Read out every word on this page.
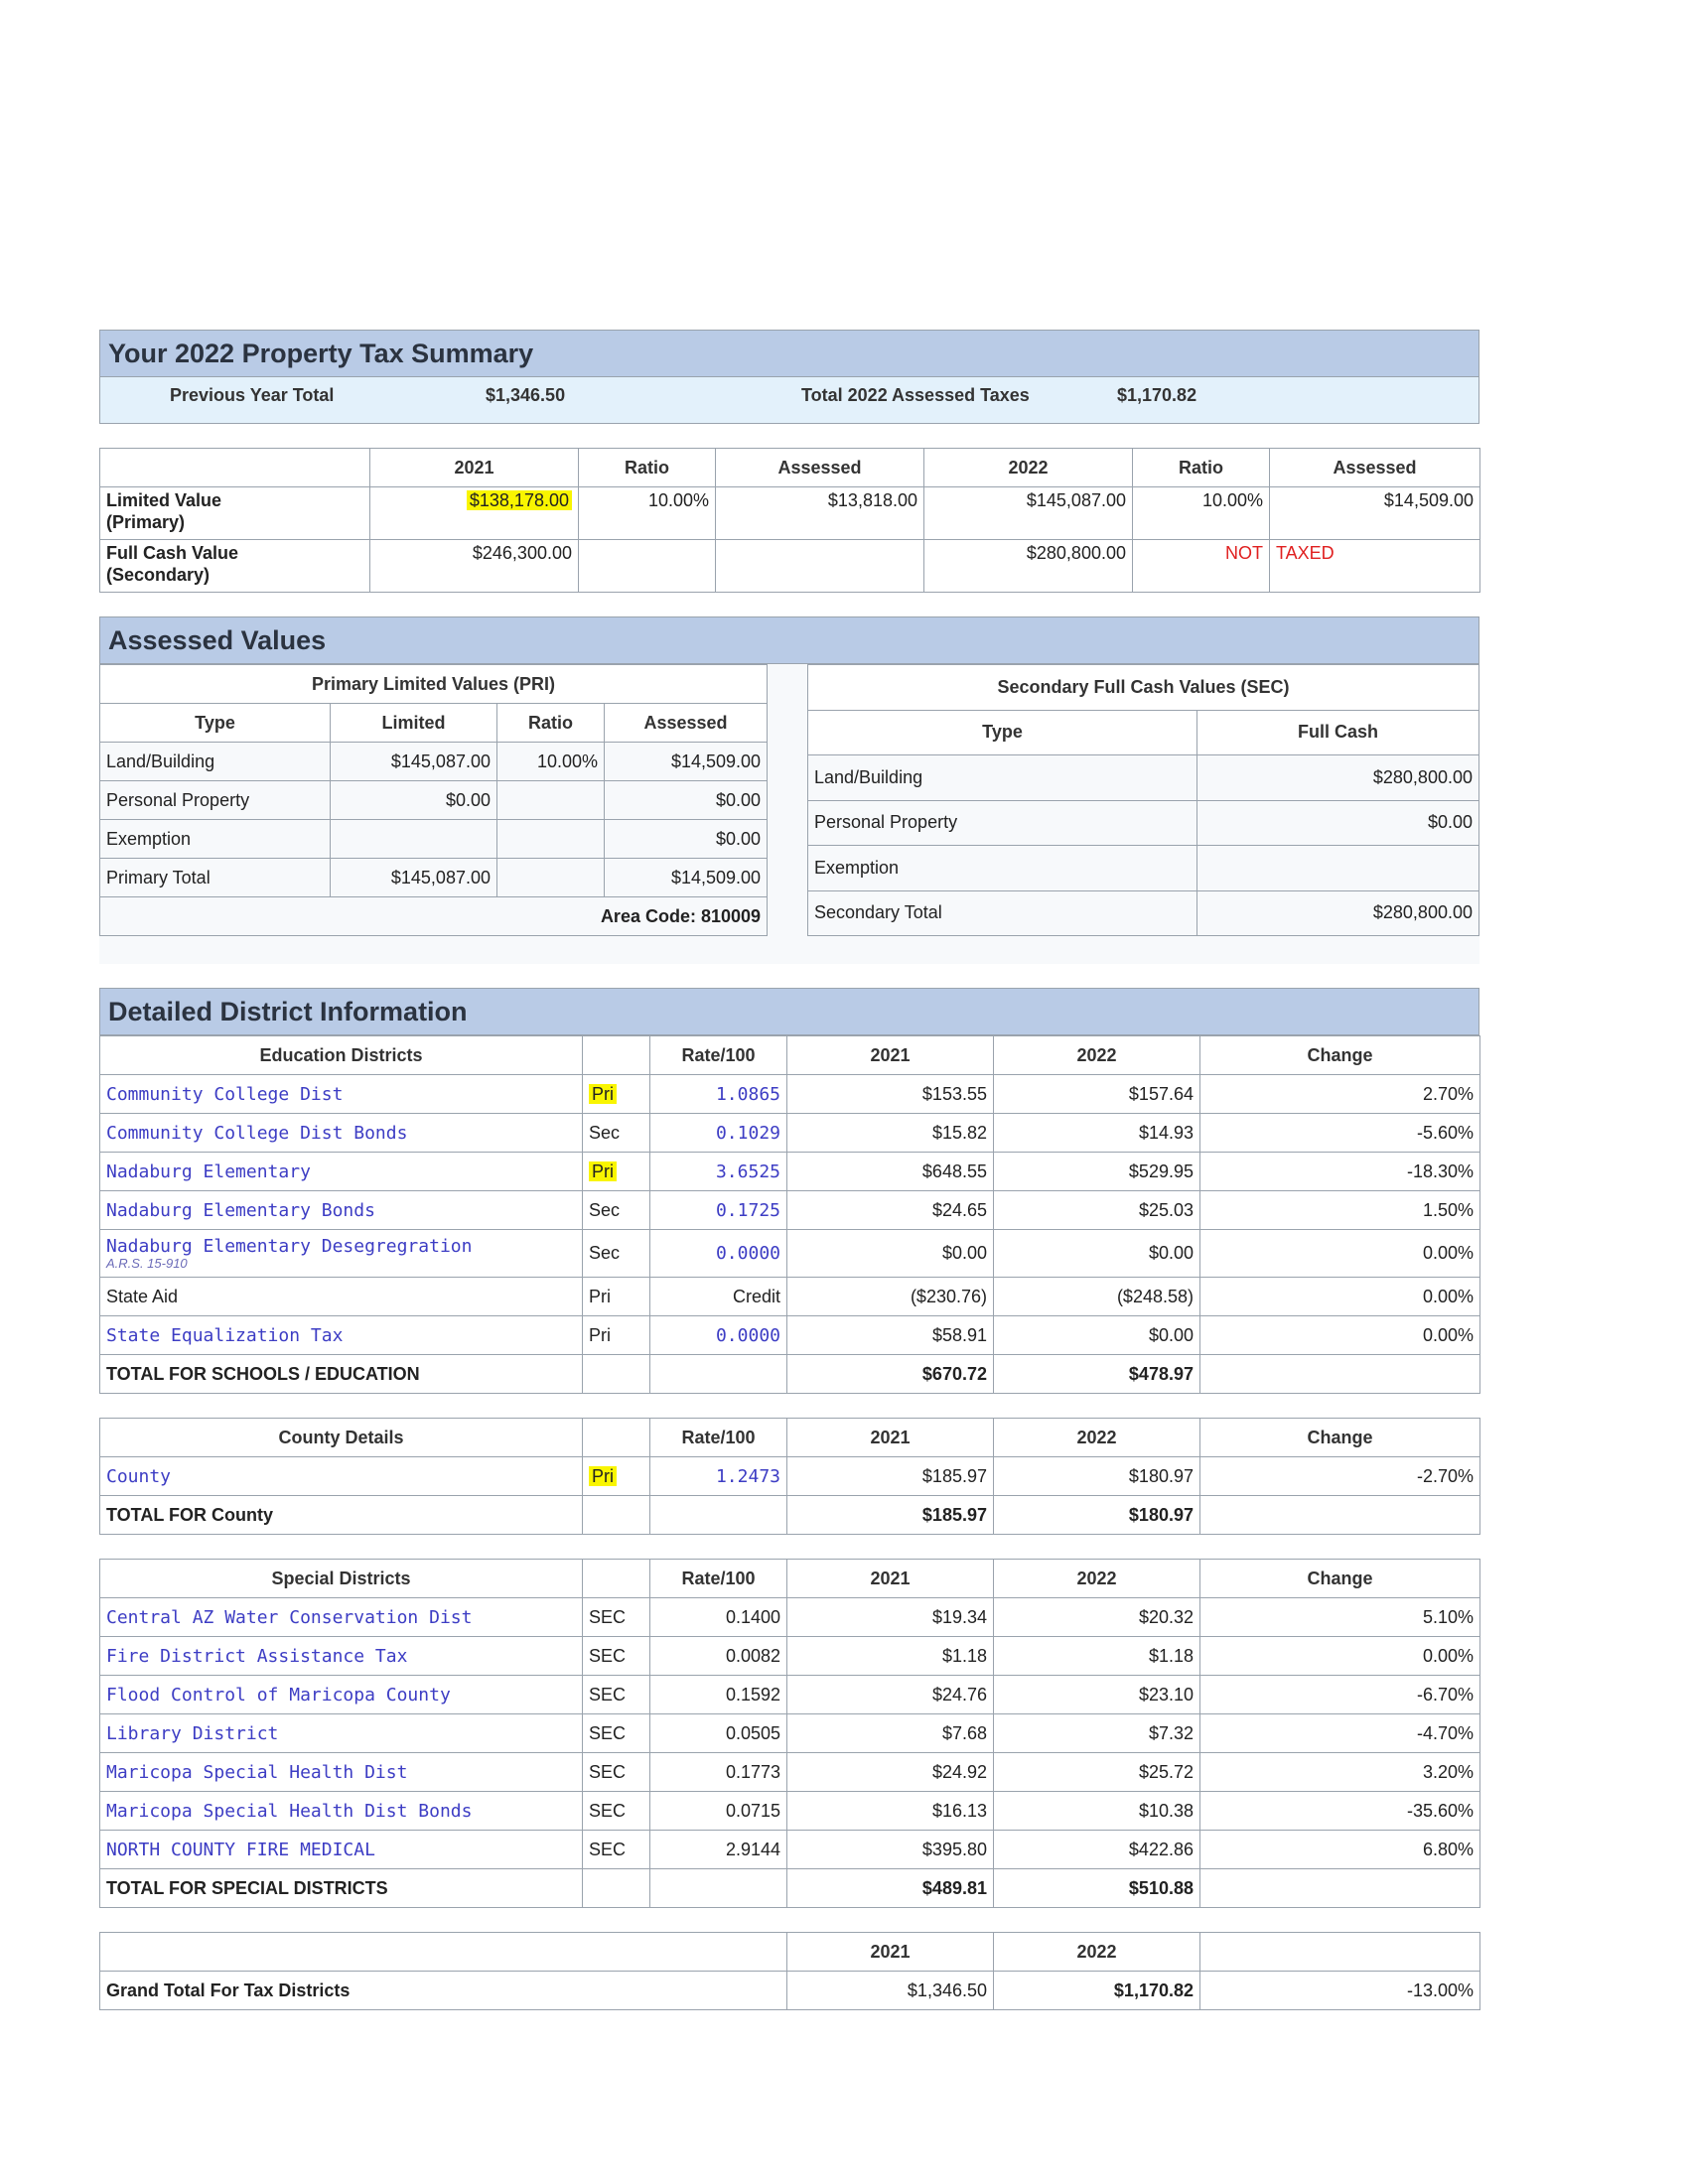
Your 2022 Property Tax Summary
Previous Year Total	$1,346.50	Total 2022 Assessed Taxes	$1,170.82
	2021	Ratio	Assessed	2022	Ratio	Assessed
Limited Value
(Primary)	$138,178.00	10.00%	$13,818.00	$145,087.00	10.00%	$14,509.00
Full Cash Value
(Secondary)	$246,300.00			$280,800.00	NOT	TAXED
Assessed Values
Primary Limited Values (PRI)			
Type	Limited	Ratio	Assessed
Land/Building	$145,087.00	10.00%	$14,509.00
Personal Property	$0.00		$0.00
Exemption			$0.00
Primary Total	$145,087.00		$14,509.00
Area Code: 810009			
Secondary Full Cash Values (SEC)	
Type	Full Cash
Land/Building	$280,800.00
Personal Property	$0.00
Exemption	
Secondary Total	$280,800.00
Detailed District Information
Education Districts		Rate/100	2021	2022	Change
Community College Dist	Pri	1.0865	$153.55	$157.64	2.70%
Community College Dist Bonds	Sec	0.1029	$15.82	$14.93	-5.60%
Nadaburg Elementary	Pri	3.6525	$648.55	$529.95	-18.30%
Nadaburg Elementary Bonds	Sec	0.1725	$24.65	$25.03	1.50%
Nadaburg Elementary Desegregration
A.R.S. 15-910	Sec	0.0000	$0.00	$0.00	0.00%
State Aid	Pri	Credit	($230.76)	($248.58)	0.00%
State Equalization Tax	Pri	0.0000	$58.91	$0.00	0.00%
TOTAL FOR SCHOOLS / EDUCATION			$670.72	$478.97	
County Details		Rate/100	2021	2022	Change
County	Pri	1.2473	$185.97	$180.97	-2.70%
TOTAL FOR County			$185.97	$180.97	
Special Districts		Rate/100	2021	2022	Change
Central AZ Water Conservation Dist	SEC	0.1400	$19.34	$20.32	5.10%
Fire District Assistance Tax	SEC	0.0082	$1.18	$1.18	0.00%
Flood Control of Maricopa County	SEC	0.1592	$24.76	$23.10	-6.70%
Library District	SEC	0.0505	$7.68	$7.32	-4.70%
Maricopa Special Health Dist	SEC	0.1773	$24.92	$25.72	3.20%
Maricopa Special Health Dist Bonds	SEC	0.0715	$16.13	$10.38	-35.60%
NORTH COUNTY FIRE MEDICAL	SEC	2.9144	$395.80	$422.86	6.80%
TOTAL FOR SPECIAL DISTRICTS			$489.81	$510.88	
	2021	2022	
Grand Total For Tax Districts	$1,346.50	$1,170.82	-13.00%
